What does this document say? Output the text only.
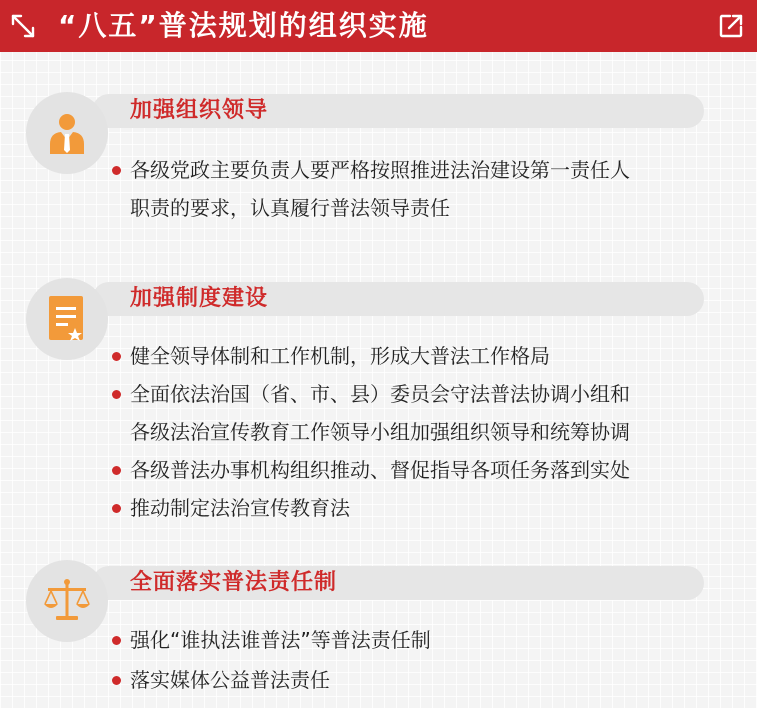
“八五”普法规划的组织实施
加强组织领导
各级党政主要负责人要严格按照推进法治建设第一责任人
职责的要求，认真履行普法领导责任
加强制度建设
健全领导体制和工作机制，形成大普法工作格局
全面依法治国（省、市、县）委员会守法普法协调小组和
各级法治宣传教育工作领导小组加强组织领导和统筹协调
各级普法办事机构组织推动、督促指导各项任务落到实处
推动制定法治宣传教育法
全面落实普法责任制
强化“谁执法谁普法”等普法责任制
落实媒体公益普法责任
